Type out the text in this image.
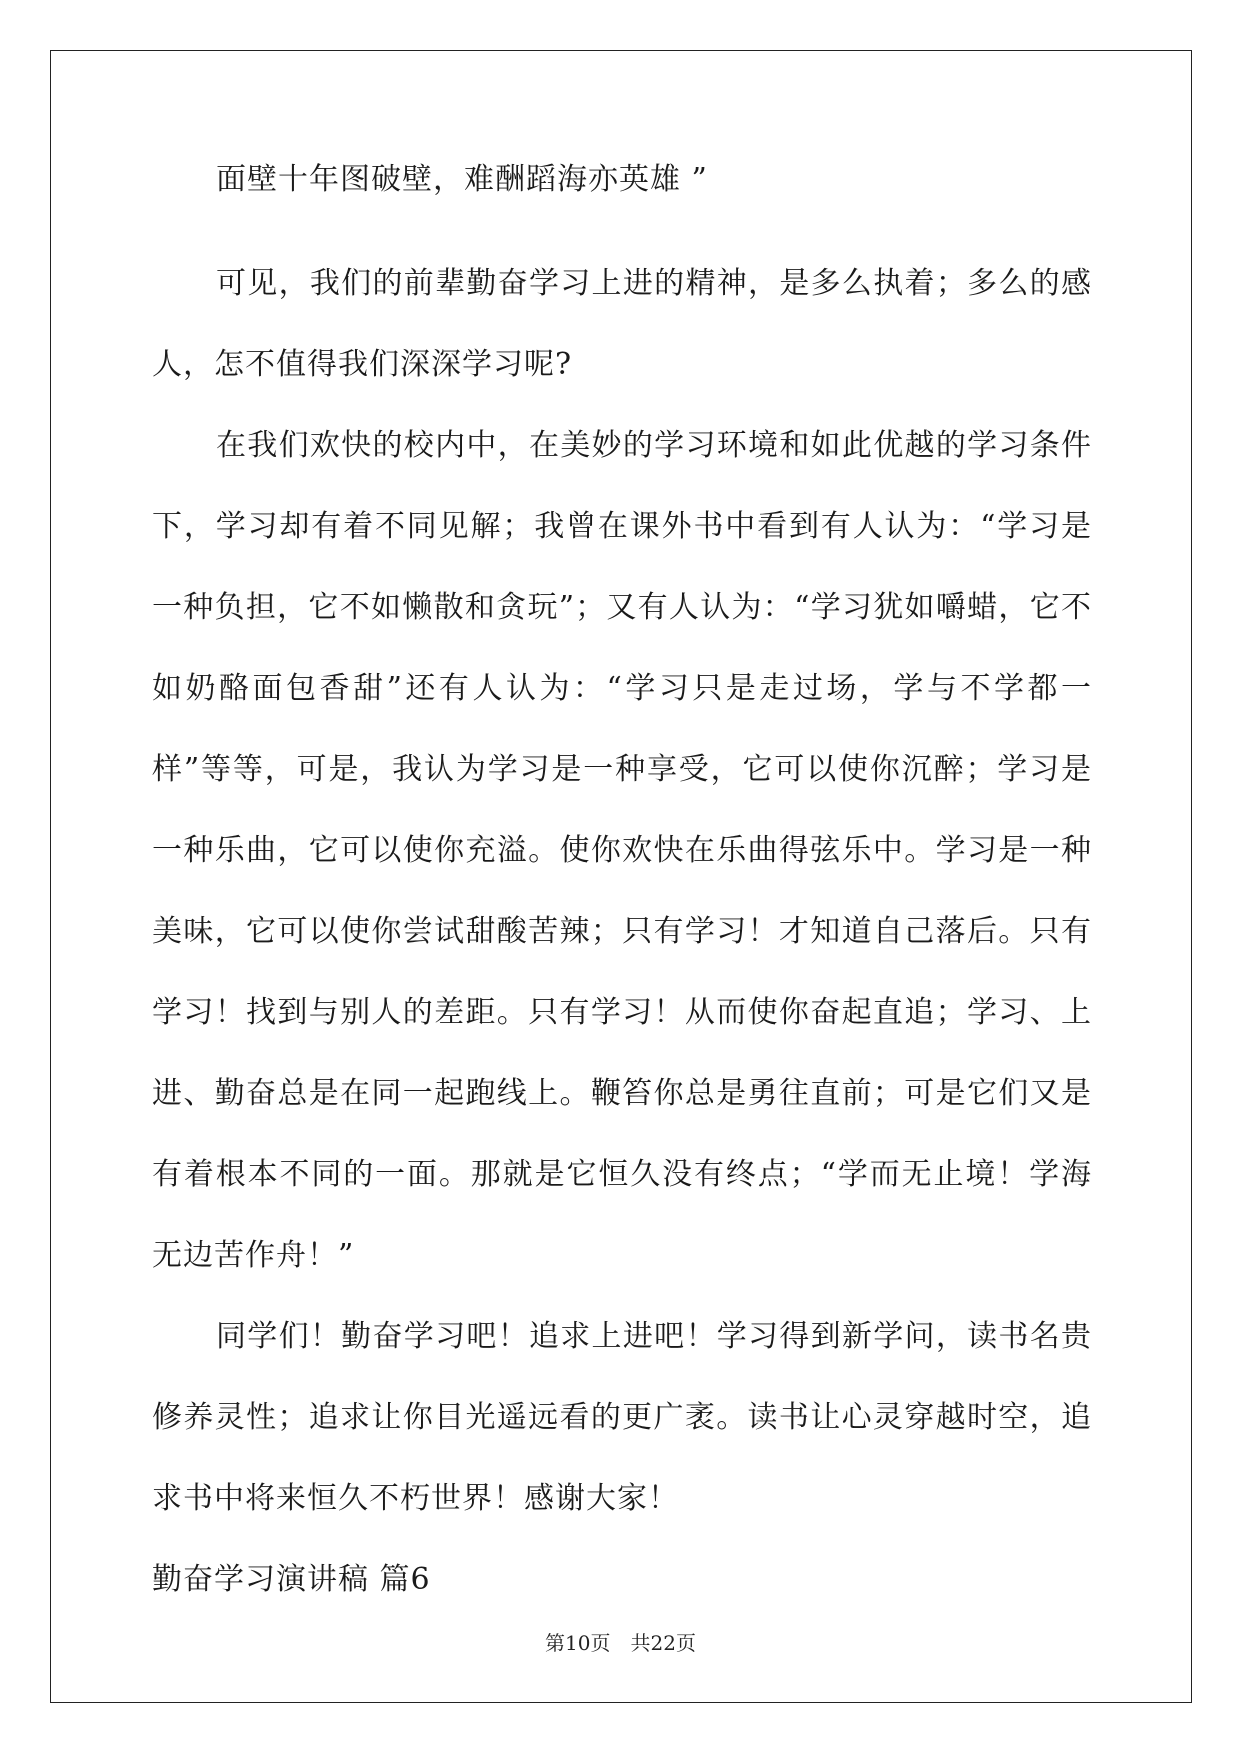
面壁十年图破壁，难酬蹈海亦英雄 ”

可见，我们的前辈勤奋学习上进的精神，是多么执着；多么的感人，怎不值得我们深深学习呢?

在我们欢快的校内中，在美妙的学习环境和如此优越的学习条件下，学习却有着不同见解；我曾在课外书中看到有人认为：“学习是一种负担，它不如懒散和贪玩”；又有人认为：“学习犹如嚼蜡，它不如奶酪面包香甜”还有人认为：“学习只是走过场，学与不学都一样”等等，可是，我认为学习是一种享受，它可以使你沉醉；学习是一种乐曲，它可以使你充溢。使你欢快在乐曲得弦乐中。学习是一种美味，它可以使你尝试甜酸苦辣；只有学习！才知道自己落后。只有学习！找到与别人的差距。只有学习！从而使你奋起直追；学习、上进、勤奋总是在同一起跑线上。鞭笞你总是勇往直前；可是它们又是有着根本不同的一面。那就是它恒久没有终点；“学而无止境！学海无边苦作舟！”

同学们！勤奋学习吧！追求上进吧！学习得到新学问，读书名贵修养灵性；追求让你目光遥远看的更广袤。读书让心灵穿越时空，追求书中将来恒久不朽世界！感谢大家！

勤奋学习演讲稿 篇6

第10页　共22页
